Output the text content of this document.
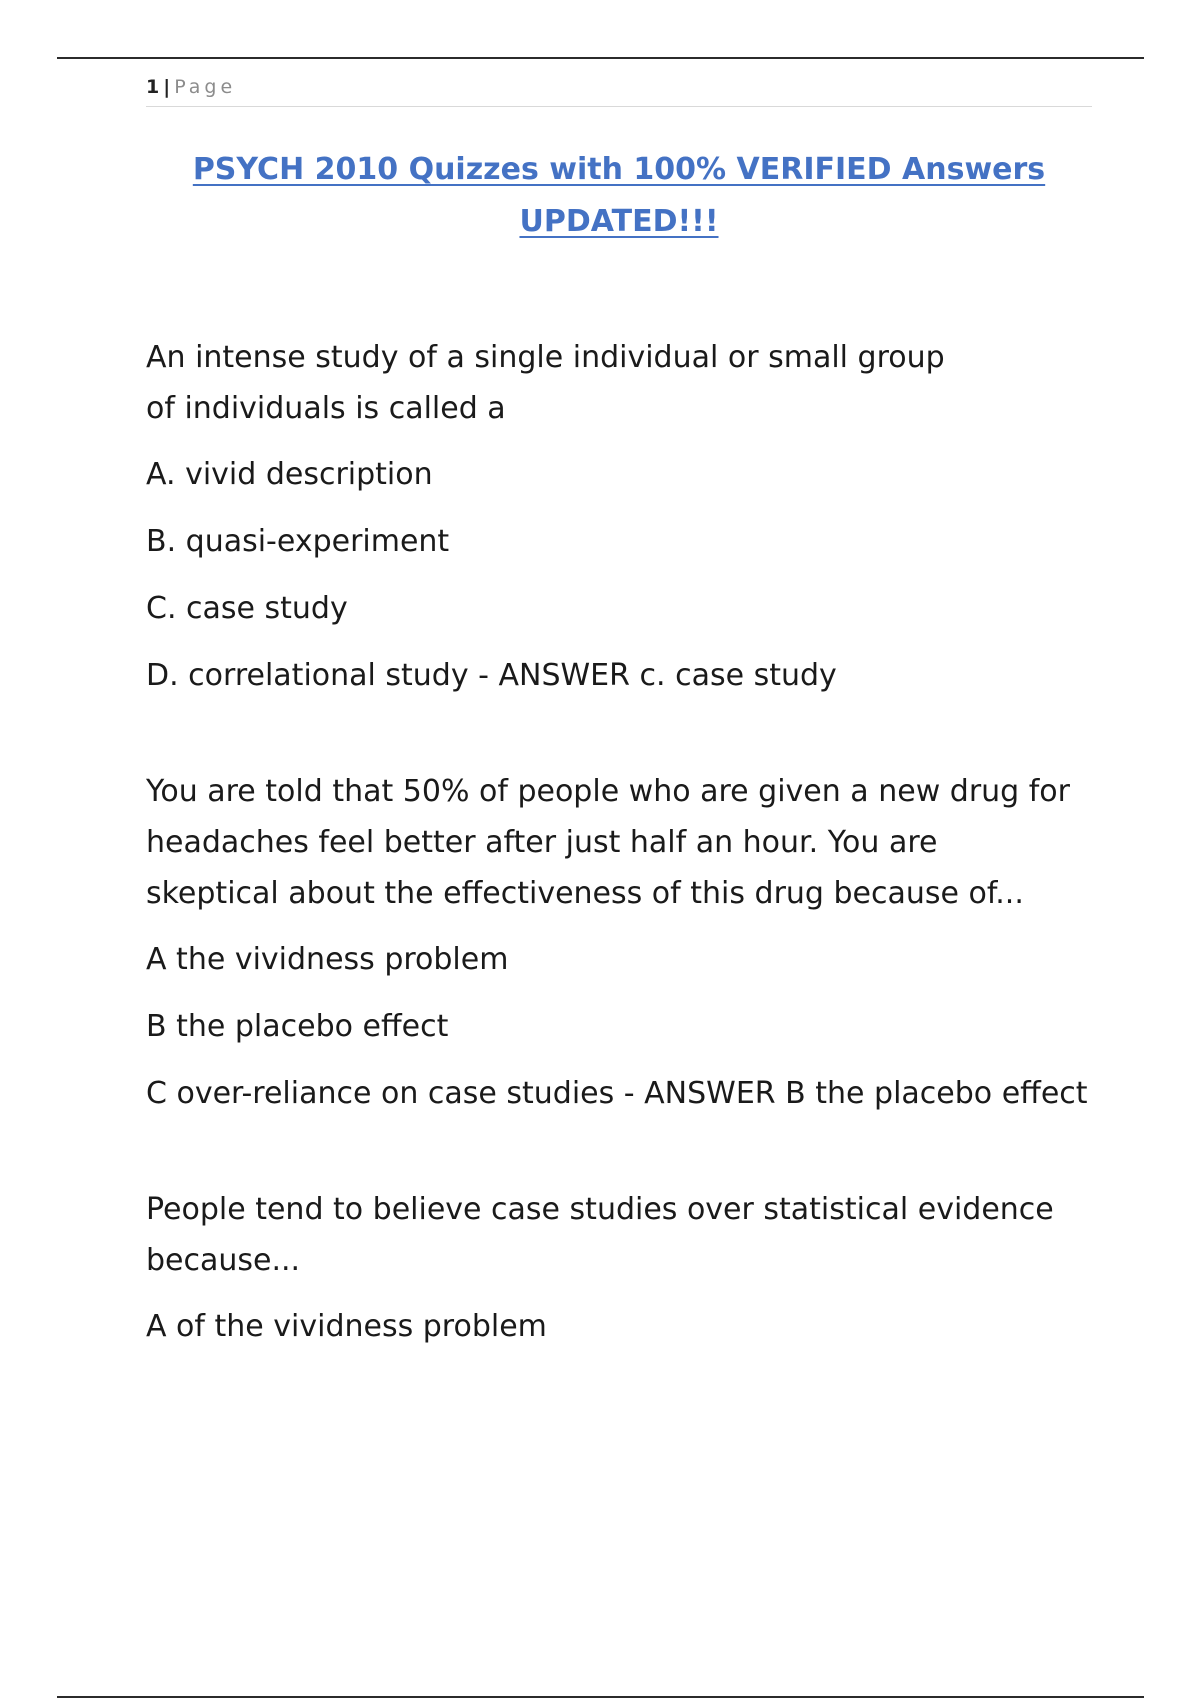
1 | Page
PSYCH 2010 Quizzes with 100% VERIFIED Answers
UPDATED!!!

An intense study of a single individual or small group of individuals is called a

A. vivid description

B. quasi-experiment

C. case study

D. correlational study - ANSWER c. case study

You are told that 50% of people who are given a new drug for headaches feel better after just half an hour. You are skeptical about the effectiveness of this drug because of...

A the vividness problem

B the placebo effect

C over-reliance on case studies - ANSWER B the placebo effect

People tend to believe case studies over statistical evidence because...

A of the vividness problem
